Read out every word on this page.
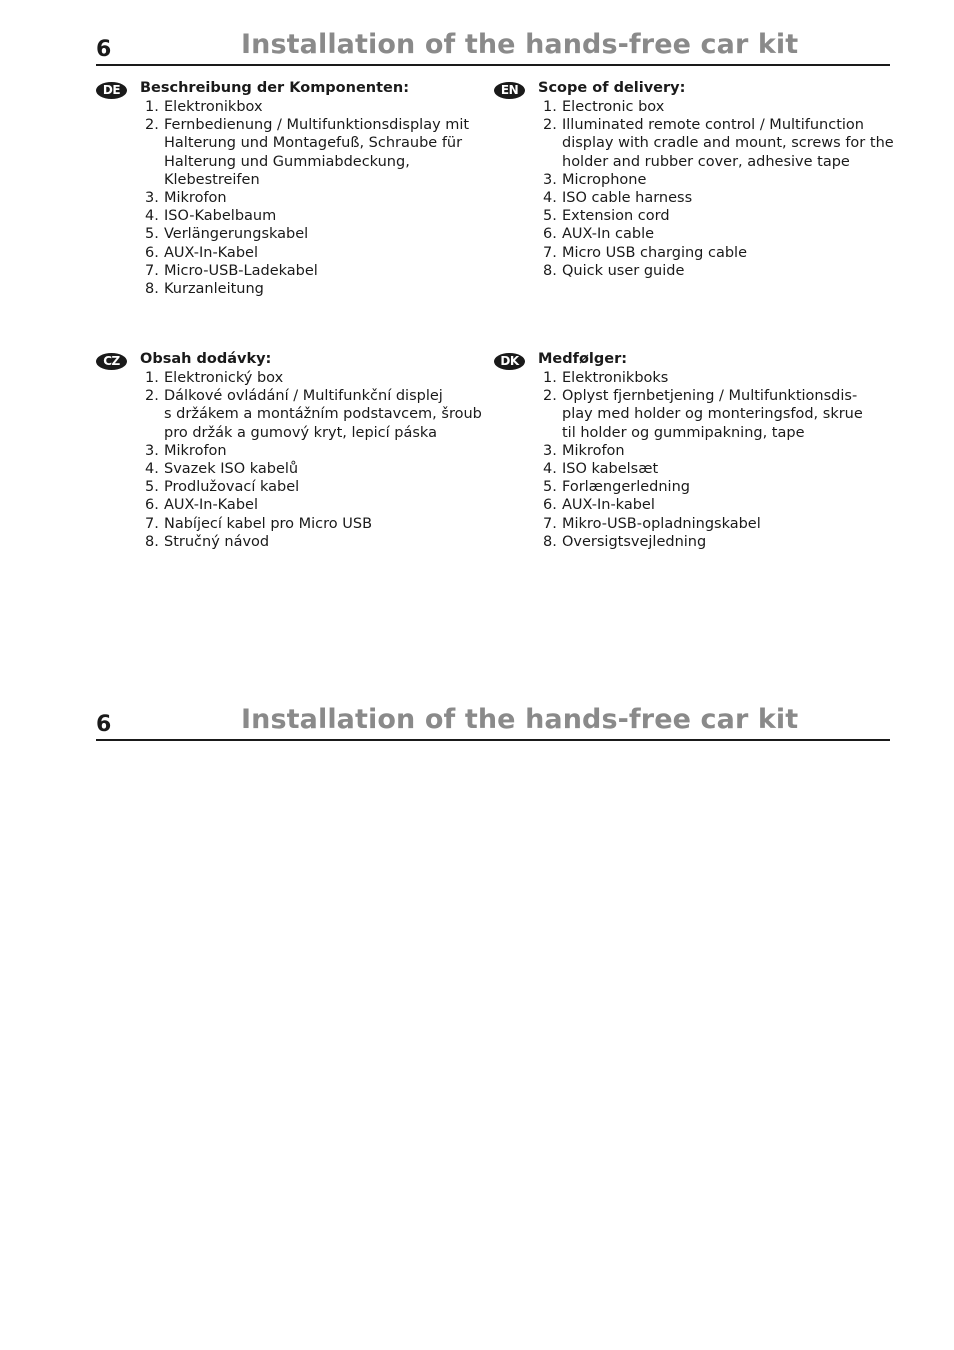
6	Installation of the hands-free car kit
DE	Beschreibung der Komponenten:
1. Elektronikbox
2. Fernbedienung / Multifunktionsdisplay mit
Halterung und Montagefuß, Schraube für
Halterung und Gummiabdeckung,
Klebestreifen
3. Mikrofon
4. ISO-Kabelbaum
5. Verlängerungskabel
6. AUX-In-Kabel
7. Micro-USB-Ladekabel
8. Kurzanleitung
EN	Scope of delivery:
1. Electronic box
2. Illuminated remote control / Multifunction
display with cradle and mount, screws for the
holder and rubber cover, adhesive tape
3. Microphone
4. ISO cable harness
5. Extension cord
6. AUX-In cable
7. Micro USB charging cable
8. Quick user guide
CZ	Obsah dodávky:
1. Elektronický box
2. Dálkové ovládání / Multifunkční displej
s držákem a montážním podstavcem, šroub
pro držák a gumový kryt, lepicí páska
3. Mikrofon
4. Svazek ISO kabelů
5. Prodlužovací kabel
6. AUX-In-Kabel
7. Nabíjecí kabel pro Micro USB
8. Stručný návod
DK	Medfølger:
1. Elektronikboks
2. Oplyst fjernbetjening / Multifunktionsdis-
play med holder og monteringsfod, skrue
til holder og gummipakning, tape
3. Mikrofon
4. ISO kabelsæt
5. Forlængerledning
6. AUX-In-kabel
7. Mikro-USB-opladningskabel
8. Oversigtsvejledning
6	Installation of the hands-free car kit
